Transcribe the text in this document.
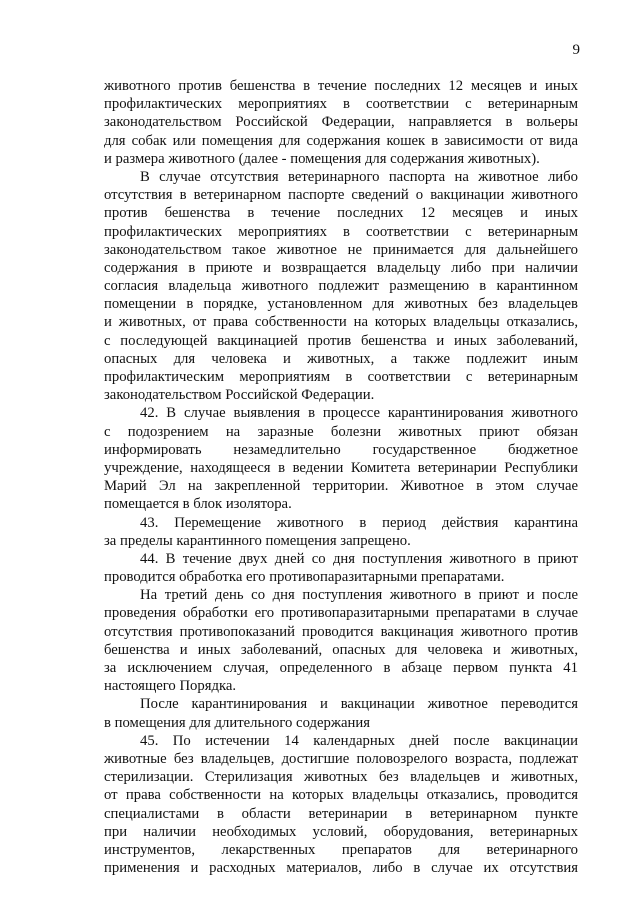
9
животного против бешенства в течение последних 12 месяцев и иных
профилактических мероприятиях в соответствии с ветеринарным
законодательством Российской Федерации, направляется в вольеры
для собак или помещения для содержания кошек в зависимости от вида
и размера животного (далее - помещения для содержания животных).
В случае отсутствия ветеринарного паспорта на животное либо
отсутствия в ветеринарном паспорте сведений о вакцинации животного
против бешенства в течение последних 12 месяцев и иных
профилактических мероприятиях в соответствии с ветеринарным
законодательством такое животное не принимается для дальнейшего
содержания в приюте и возвращается владельцу либо при наличии
согласия владельца животного подлежит размещению в карантинном
помещении в порядке, установленном для животных без владельцев
и животных, от права собственности на которых владельцы отказались,
с последующей вакцинацией против бешенства и иных заболеваний,
опасных для человека и животных, а также подлежит иным
профилактическим мероприятиям в соответствии с ветеринарным
законодательством Российской Федерации.
42. В случае выявления в процессе карантинирования животного
с подозрением на заразные болезни животных приют обязан
информировать незамедлительно государственное бюджетное
учреждение, находящееся в ведении Комитета ветеринарии Республики
Марий Эл на закрепленной территории. Животное в этом случае
помещается в блок изолятора.
43. Перемещение животного в период действия карантина
за пределы карантинного помещения запрещено.
44. В течение двух дней со дня поступления животного в приют
проводится обработка его противопаразитарными препаратами.
На третий день со дня поступления животного в приют и после
проведения обработки его противопаразитарными препаратами в случае
отсутствия противопоказаний проводится вакцинация животного против
бешенства и иных заболеваний, опасных для человека и животных,
за исключением случая, определенного в абзаце первом пункта 41
настоящего Порядка.
После карантинирования и вакцинации животное переводится
в помещения для длительного содержания
45. По истечении 14 календарных дней после вакцинации
животные без владельцев, достигшие половозрелого возраста, подлежат
стерилизации. Стерилизация животных без владельцев и животных,
от права собственности на которых владельцы отказались, проводится
специалистами в области ветеринарии в ветеринарном пункте
при наличии необходимых условий, оборудования, ветеринарных
инструментов, лекарственных препаратов для ветеринарного
применения и расходных материалов, либо в случае их отсутствия
